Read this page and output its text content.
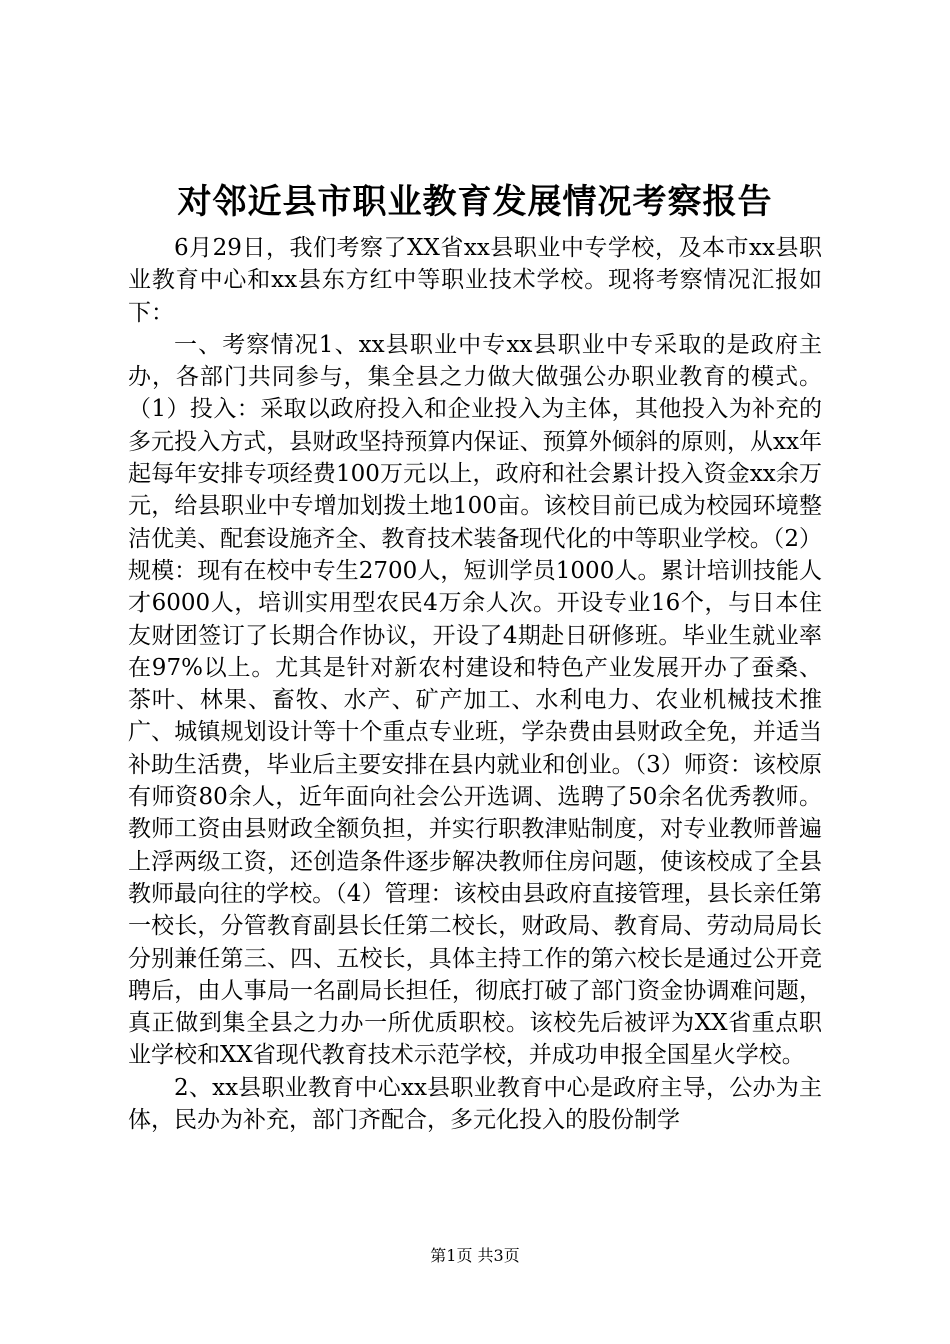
对邻近县市职业教育发展情况考察报告

6月29日，我们考察了XX省xx县职业中专学校，及本市xx县职业教育中心和xx县东方红中等职业技术学校。现将考察情况汇报如下：

一、考察情况1、xx县职业中专xx县职业中专采取的是政府主办，各部门共同参与，集全县之力做大做强公办职业教育的模式。（1）投入：采取以政府投入和企业投入为主体，其他投入为补充的多元投入方式，县财政坚持预算内保证、预算外倾斜的原则，从xx年起每年安排专项经费100万元以上，政府和社会累计投入资金xx余万元，给县职业中专增加划拨土地100亩。该校目前已成为校园环境整洁优美、配套设施齐全、教育技术装备现代化的中等职业学校。（2）规模：现有在校中专生2700人，短训学员1000人。累计培训技能人才6000人，培训实用型农民4万余人次。开设专业16个，与日本住友财团签订了长期合作协议，开设了4期赴日研修班。毕业生就业率在97%以上。尤其是针对新农村建设和特色产业发展开办了蚕桑、茶叶、林果、畜牧、水产、矿产加工、水利电力、农业机械技术推广、城镇规划设计等十个重点专业班，学杂费由县财政全免，并适当补助生活费，毕业后主要安排在县内就业和创业。（3）师资：该校原有师资80余人，近年面向社会公开选调、选聘了50余名优秀教师。教师工资由县财政全额负担，并实行职教津贴制度，对专业教师普遍上浮两级工资，还创造条件逐步解决教师住房问题，使该校成了全县教师最向往的学校。（4）管理：该校由县政府直接管理，县长亲任第一校长，分管教育副县长任第二校长，财政局、教育局、劳动局局长分别兼任第三、四、五校长，具体主持工作的第六校长是通过公开竞聘后，由人事局一名副局长担任，彻底打破了部门资金协调难问题，真正做到集全县之力办一所优质职校。该校先后被评为XX省重点职业学校和XX省现代教育技术示范学校，并成功申报全国星火学校。

2、xx县职业教育中心xx县职业教育中心是政府主导，公办为主体，民办为补充，部门齐配合，多元化投入的股份制学

第1页 共3页
